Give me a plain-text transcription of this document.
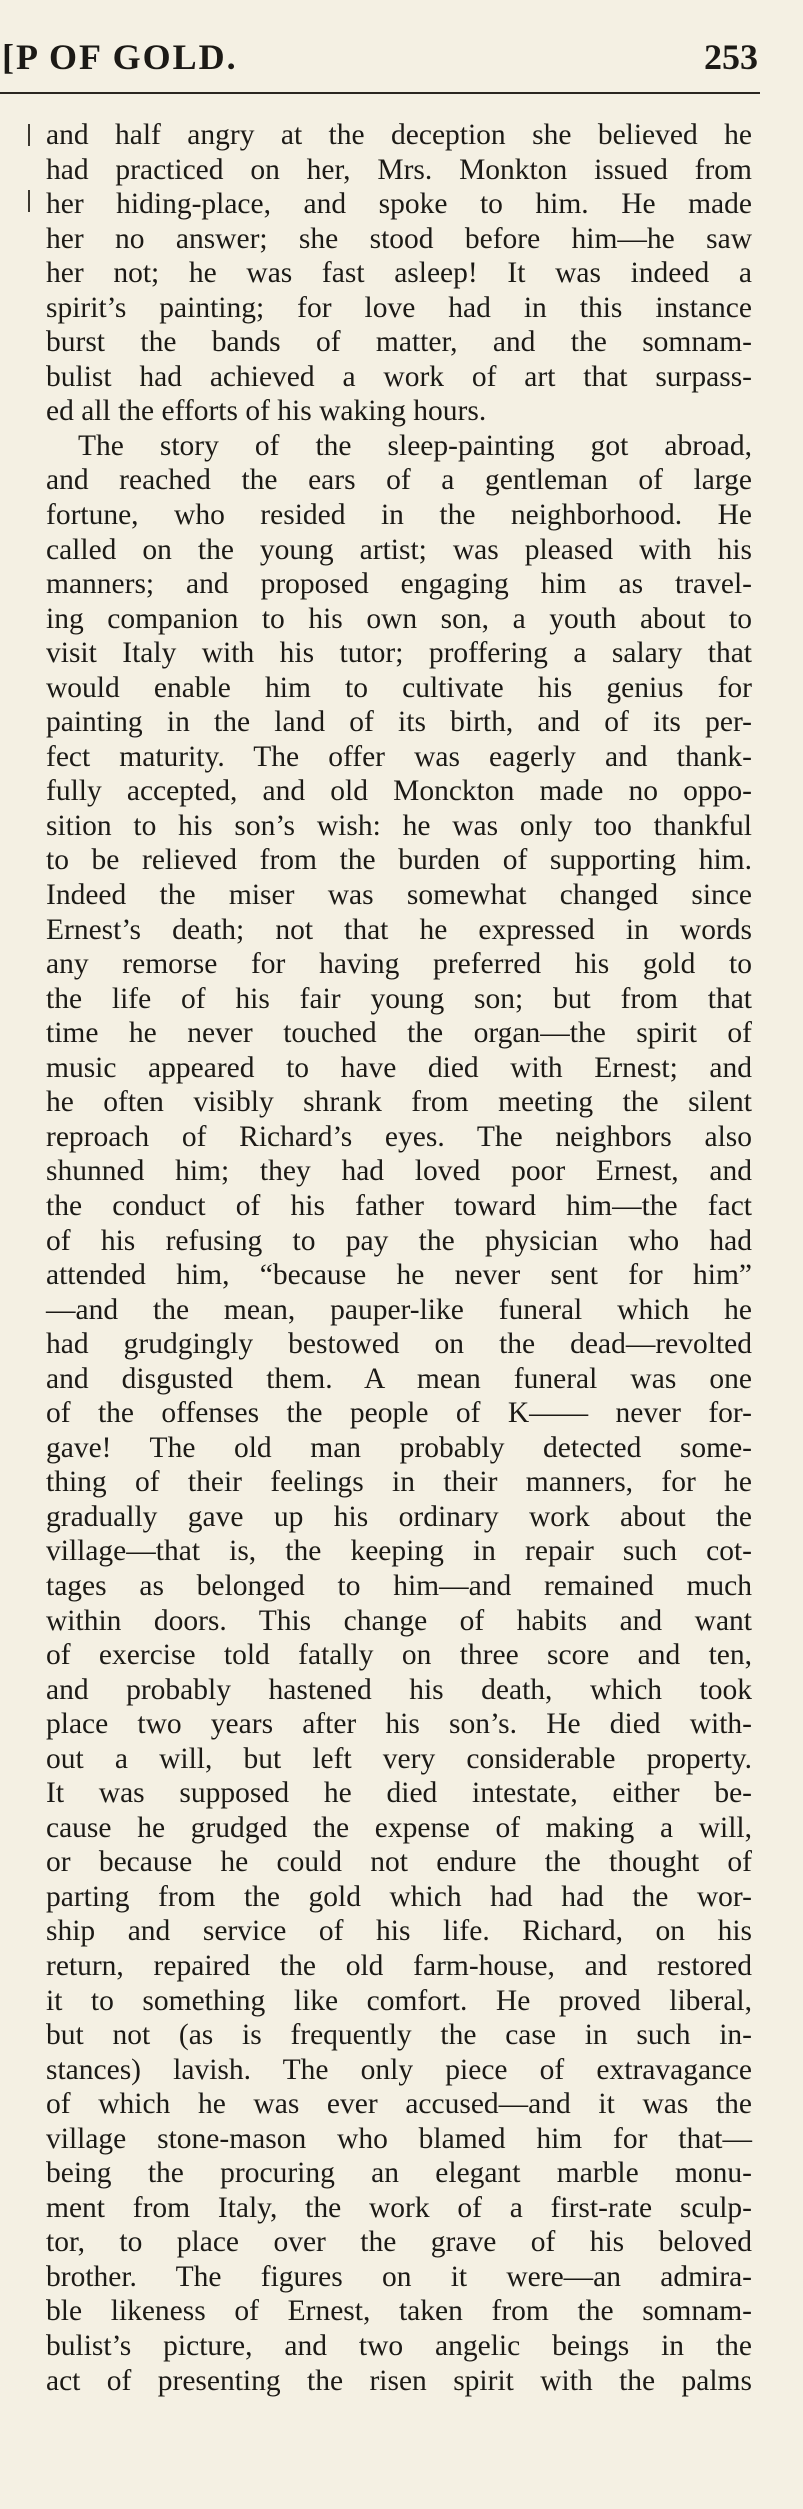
[P OF GOLD.	253
and half angry at the deception she believed he
had practiced on her, Mrs. Monkton issued from
her hiding-place, and spoke to him. He made
her no answer; she stood before him—he saw
her not; he was fast asleep! It was indeed a
spirit’s painting; for love had in this instance
burst the bands of matter, and the somnam-
bulist had achieved a work of art that surpass-
ed all the efforts of his waking hours.
The story of the sleep-painting got abroad,
and reached the ears of a gentleman of large
fortune, who resided in the neighborhood. He
called on the young artist; was pleased with his
manners; and proposed engaging him as travel-
ing companion to his own son, a youth about to
visit Italy with his tutor; proffering a salary that
would enable him to cultivate his genius for
painting in the land of its birth, and of its per-
fect maturity. The offer was eagerly and thank-
fully accepted, and old Monckton made no oppo-
sition to his son’s wish: he was only too thankful
to be relieved from the burden of supporting him.
Indeed the miser was somewhat changed since
Ernest’s death; not that he expressed in words
any remorse for having preferred his gold to
the life of his fair young son; but from that
time he never touched the organ—the spirit of
music appeared to have died with Ernest; and
he often visibly shrank from meeting the silent
reproach of Richard’s eyes. The neighbors also
shunned him; they had loved poor Ernest, and
the conduct of his father toward him—the fact
of his refusing to pay the physician who had
attended him, “because he never sent for him”
—and the mean, pauper-like funeral which he
had grudgingly bestowed on the dead—revolted
and disgusted them. A mean funeral was one
of the offenses the people of K—— never for-
gave! The old man probably detected some-
thing of their feelings in their manners, for he
gradually gave up his ordinary work about the
village—that is, the keeping in repair such cot-
tages as belonged to him—and remained much
within doors. This change of habits and want
of exercise told fatally on three score and ten,
and probably hastened his death, which took
place two years after his son’s. He died with-
out a will, but left very considerable property.
It was supposed he died intestate, either be-
cause he grudged the expense of making a will,
or because he could not endure the thought of
parting from the gold which had had the wor-
ship and service of his life. Richard, on his
return, repaired the old farm-house, and restored
it to something like comfort. He proved liberal,
but not (as is frequently the case in such in-
stances) lavish. The only piece of extravagance
of which he was ever accused—and it was the
village stone-mason who blamed him for that—
being the procuring an elegant marble monu-
ment from Italy, the work of a first-rate sculp-
tor, to place over the grave of his beloved
brother. The figures on it were—an admira-
ble likeness of Ernest, taken from the somnam-
bulist’s picture, and two angelic beings in the
act of presenting the risen spirit with the palms
